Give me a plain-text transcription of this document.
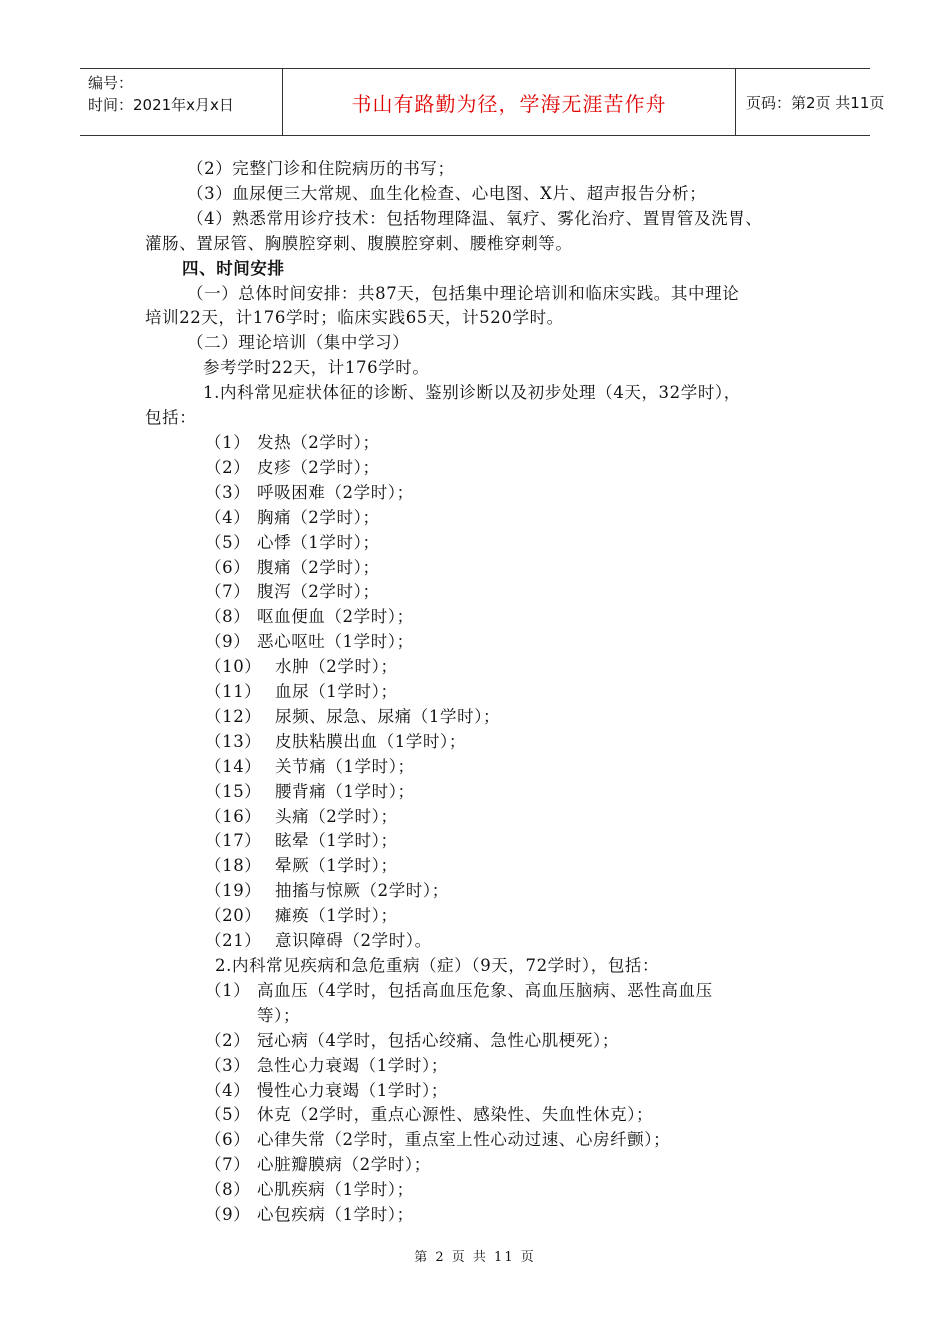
编号：
时间：2021年x月x日	书山有路勤为径，学海无涯苦作舟	页码：第2页 共11页
（2）完整门诊和住院病历的书写；
（3）血尿便三大常规、血生化检查、心电图、X片、超声报告分析；
（4）熟悉常用诊疗技术：包括物理降温、氧疗、雾化治疗、置胃管及洗胃、
灌肠、置尿管、胸膜腔穿刺、腹膜腔穿刺、腰椎穿刺等。
四、时间安排
（一）总体时间安排：共87天，包括集中理论培训和临床实践。其中理论
培训22天，计176学时；临床实践65天，计520学时。
（二）理论培训（集中学习）
参考学时22天，计176学时。
1.内科常见症状体征的诊断、鉴别诊断以及初步处理（4天，32学时），
包括：
（1） 发热（2学时）；
（2） 皮疹（2学时）；
（3） 呼吸困难（2学时）；
（4） 胸痛（2学时）；
（5） 心悸（1学时）；
（6） 腹痛（2学时）；
（7） 腹泻（2学时）；
（8） 呕血便血（2学时）；
（9） 恶心呕吐（1学时）；
（10） 水肿（2学时）；
（11） 血尿（1学时）；
（12） 尿频、尿急、尿痛（1学时）；
（13） 皮肤粘膜出血（1学时）；
（14） 关节痛（1学时）；
（15） 腰背痛（1学时）；
（16） 头痛（2学时）；
（17） 眩晕（1学时）；
（18） 晕厥（1学时）；
（19） 抽搐与惊厥（2学时）；
（20） 瘫痪（1学时）；
（21） 意识障碍（2学时）。
2.内科常见疾病和急危重病（症）（9天，72学时），包括：
（1） 高血压（4学时，包括高血压危象、高血压脑病、恶性高血压
等）；
（2） 冠心病（4学时，包括心绞痛、急性心肌梗死）；
（3） 急性心力衰竭（1学时）；
（4） 慢性心力衰竭（1学时）；
（5） 休克（2学时，重点心源性、感染性、失血性休克）；
（6） 心律失常（2学时，重点室上性心动过速、心房纤颤）；
（7） 心脏瓣膜病（2学时）；
（8） 心肌疾病（1学时）；
（9） 心包疾病（1学时）；
第 2 页 共 11 页
